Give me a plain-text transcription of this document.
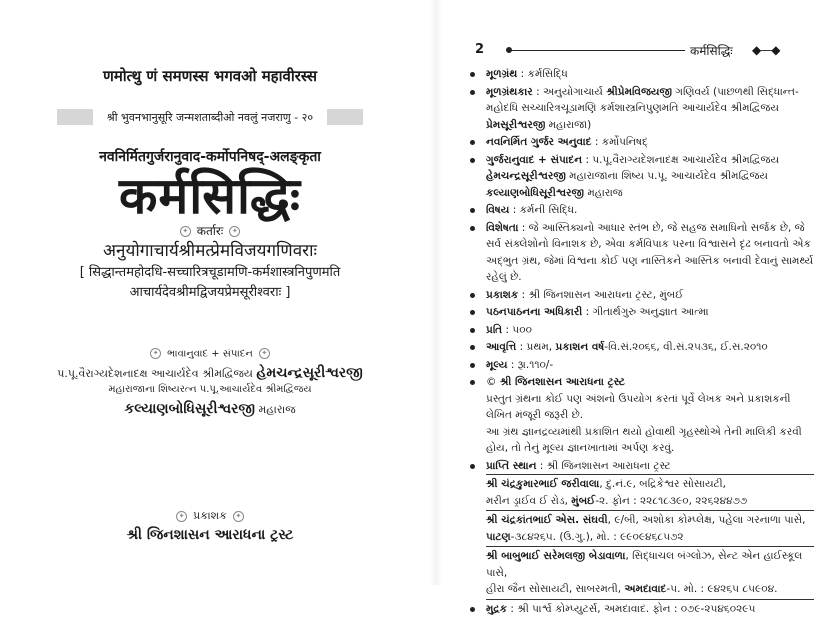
णमोत्थु णं समणस्स भगवओ महावीरस्स
श्री भुवनभानुसूरि जन्मशताब्दीओ नवलुं नजराणु - २०
नवनिर्मितगुर्जरानुवाद-कर्मोपनिषद्-अलङ्कृता
कर्मसिद्धिः
✦ कर्तारः ✦
अनुयोगाचार्यश्रीमत्प्रेमविजयगणिवराः
[ सिद्धान्तमहोदधि-सच्चारित्रचूडामणि-कर्मशास्त्रनिपुणमति
आचार्यदेवश्रीमद्विजयप्रेमसूरीश्वराः ]
✦ ભાવાનુવાદ + સંપાદન ✦
પ.પૂ.વૈરાગ્યદેશનાદક્ષ આચાર્યદેવ શ્રીમદ્વિજય હેમચન્દ્રસૂરીશ્વરજી
મહારાજાના શિષ્યરત્ન પ.પૂ.આચાર્યદેવ શ્રીમદ્વિજય
કલ્યાણબોધિસૂરીશ્વરજી મહારાજ
✦ પ્રકાશક ✦
શ્રી જિનશાસન આરાધના ટ્રસ્ટ
2	कर्मसिद्धिः ◆—◆
મૂળગ્રંથ : કર્મસિદ્ધિ
મૂળગ્રંથકાર : અનુયોગાચાર્ય શ્રીપ્રેમવિજયજી ગણિવર્ય (પાછળથી સિદ્ધાન્ત-મહોદધિ સચ્ચારિત્રચૂડામણિ કર્મશાસ્ત્રનિપુણમતિ આચાર્યદેવ શ્રીમદ્વિજય પ્રેમસૂરીશ્વરજી મહારાજા)
નવનિર્મિત ગુર્જર અનુવાદ : કર્મોપનિષદ્
ગુર્જરાનુવાદ + સંપાદન : પ.પૂ.વૈરાગ્યદેશનાદક્ષ આચાર્યદેવ શ્રીમદ્વિજય હેમચન્દ્રસૂરીશ્વરજી મહારાજાના શિષ્ય પ.પૂ. આચાર્યદેવ શ્રીમદ્વિજય કલ્યાણબોધિસૂરીશ્વરજી મહારાજ
વિષય : કર્મની સિદ્ધિ.
વિશેષતા : જે આસ્તિક્યનો આધાર સ્તંભ છે, જે સહજ સમાધિનો સર્જક છે, જે સર્વ સંક્લેશોનો વિનાશક છે, એવા કર્મવિપાક પરના વિશ્વાસને દૃઢ બનાવતો એક અદ્ભુત ગ્રંથ, જેમાં વિશ્વના કોઈ પણ નાસ્તિકને આસ્તિક બનાવી દેવાનું સામર્થ્ય રહેલું છે.
પ્રકાશક : શ્રી જિનશાસન આરાધના ટ્રસ્ટ, મુંબઈ
પઠનપાઠનના અધિકારી : ગીતાર્થગુરુ અનુજ્ઞાત આત્મા
પ્રતિ : ૫૦૦
આવૃત્તિ : પ્રથમ, પ્રકાશન વર્ષ-વિ.સં.૨૦૬૬, વી.સં.૨૫૩૬, ઈ.સ.૨૦૧૦
મૂલ્ય : રૂા.૧૧૦/-
© શ્રી જિનશાસન આરાધના ટ્રસ્ટ
પ્રસ્તુત ગ્રંથના કોઈ પણ અંશનો ઉપયોગ કરતાં પૂર્વે લેખક અને પ્રકાશકની લેખિત મંજૂરી જરૂરી છે.
આ ગ્રંથ જ્ઞાનદ્રવ્યમાંથી પ્રકાશિત થયો હોવાથી ગૃહસ્થોએ તેની માલિકી કરવી હોય, તો તેનું મૂલ્ય જ્ઞાનખાતામાં અર્પણ કરવું.
પ્રાપ્તિ સ્થાન : શ્રી જિનશાસન આરાધના ટ્રસ્ટ
શ્રી ચંદ્રકુમારભાઈ જરીવાલા, દુ.નં.૯, બદ્રિકેશ્વર સોસાયટી,
મરીન ડ્રાઈવ ઈ રોડ, મુંબઈ-૨. ફોન : ૨૨૮૧૮૩૯૦, ૨૨૬૨૪૪૭૭
શ્રી ચંદ્રકાંતભાઈ એસ. સંઘવી, ૯/બી, અશોકા કોમ્પ્લેક્ષ, પહેલા ગરનાળા પાસે,
પાટણ-૩૮૪૨૬૫. (ઉ.ગુ.), મો. : ૯૯૦૯૪૬૮૫૭૨
શ્રી બાબુભાઈ સરેમલજી બેડાવાળા, સિદ્ધાચલ બંગ્લોઝ, સેન્ટ એન હાઈસ્કૂલ પાસે,
હીરા જૈન સોસાયટી, સાબરમતી, અમદાવાદ-૫. મો. : ૯૪૨૬૫ ૮૫૯૦૪.
મુદ્રક : શ્રી પાર્શ્વ કોમ્પ્યુટર્સ, અમદાવાદ. ફોન : ૦૭૯-૨૫૪૬૦૨૯૫
